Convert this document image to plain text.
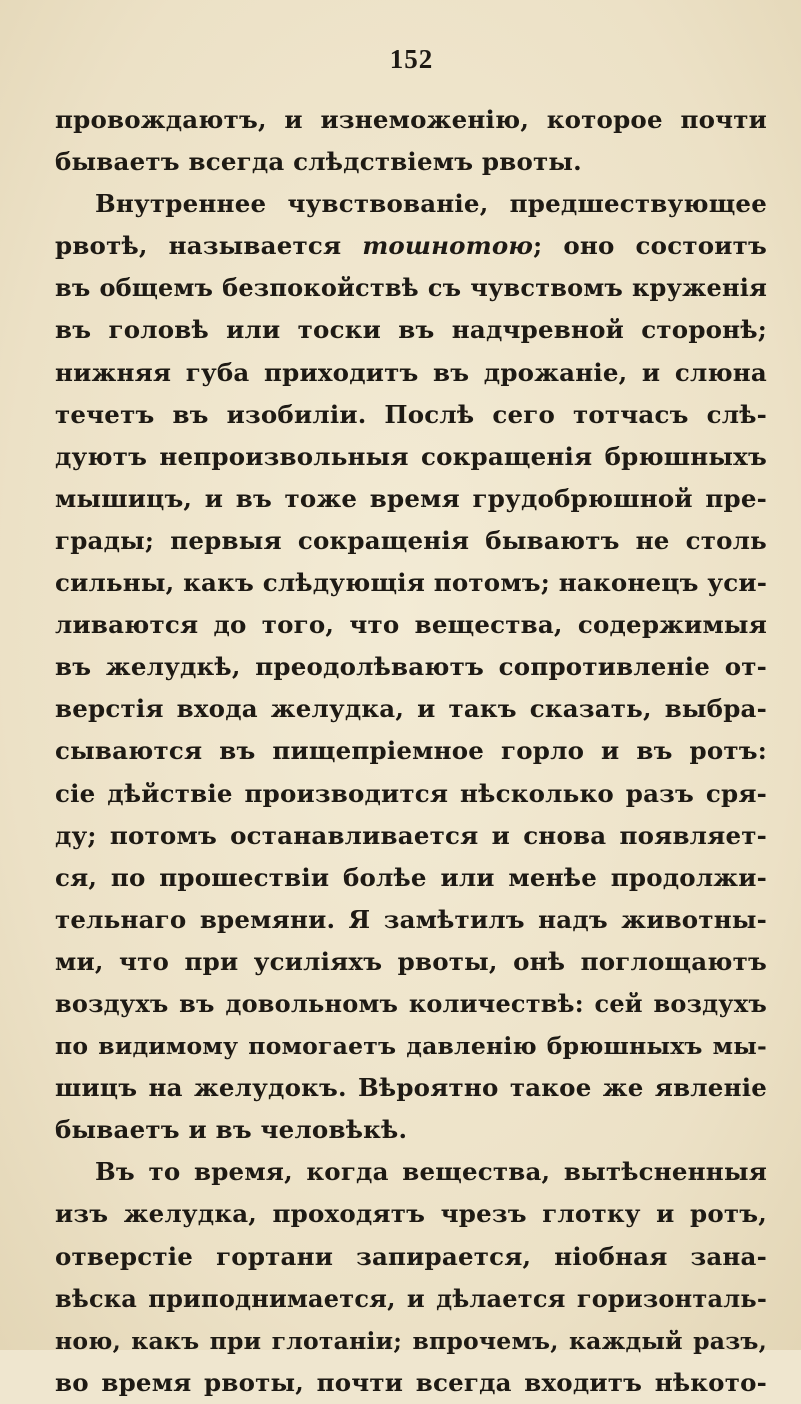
152
провождаютъ, и изнеможенію, которое почти
бываетъ всегда слѣдствіемъ рвоты.
Внутреннее чувствованіе, предшествующее
рвотѣ, называется тошнотою; оно состоитъ
въ общемъ безпокойствѣ съ чувствомъ круженія
въ головѣ или тоски въ надчревной сторонѣ;
нижняя губа приходитъ въ дрожаніе, и слюна
течетъ въ изобиліи. Послѣ сего тотчасъ слѣ-
дуютъ непроизвольныя сокращенія брюшныхъ
мышицъ, и въ тоже время грудобрюшной пре-
грады; первыя сокращенія бываютъ не столь
сильны, какъ слѣдующія потомъ; наконецъ уси-
ливаются до того, что вещества, содержимыя
въ желудкѣ, преодолѣваютъ сопротивленіе от-
верстія входа желудка, и такъ сказать, выбра-
сываются въ пищепріемное горло и въ ротъ:
сіе дѣйствіе производится нѣсколько разъ сря-
ду; потомъ останавливается и снова появляет-
ся, по прошествіи болѣе или менѣе продолжи-
тельнаго времяни. Я замѣтилъ надъ животны-
ми, что при усиліяхъ рвоты, онѣ поглощаютъ
воздухъ въ довольномъ количествѣ: сей воздухъ
по видимому помогаетъ давленію брюшныхъ мы-
шицъ на желудокъ. Вѣроятно такое же явленіе
бываетъ и въ человѣкѣ.
Въ то время, когда вещества, вытѣсненныя
изъ желудка, проходятъ чрезъ глотку и ротъ,
отверстіе гортани запирается, нiобная зана-
вѣска приподнимается, и дѣлается горизонталь-
ною, какъ при глотаніи; впрочемъ, каждый разъ,
во время рвоты, почти всегда входитъ нѣкото-
